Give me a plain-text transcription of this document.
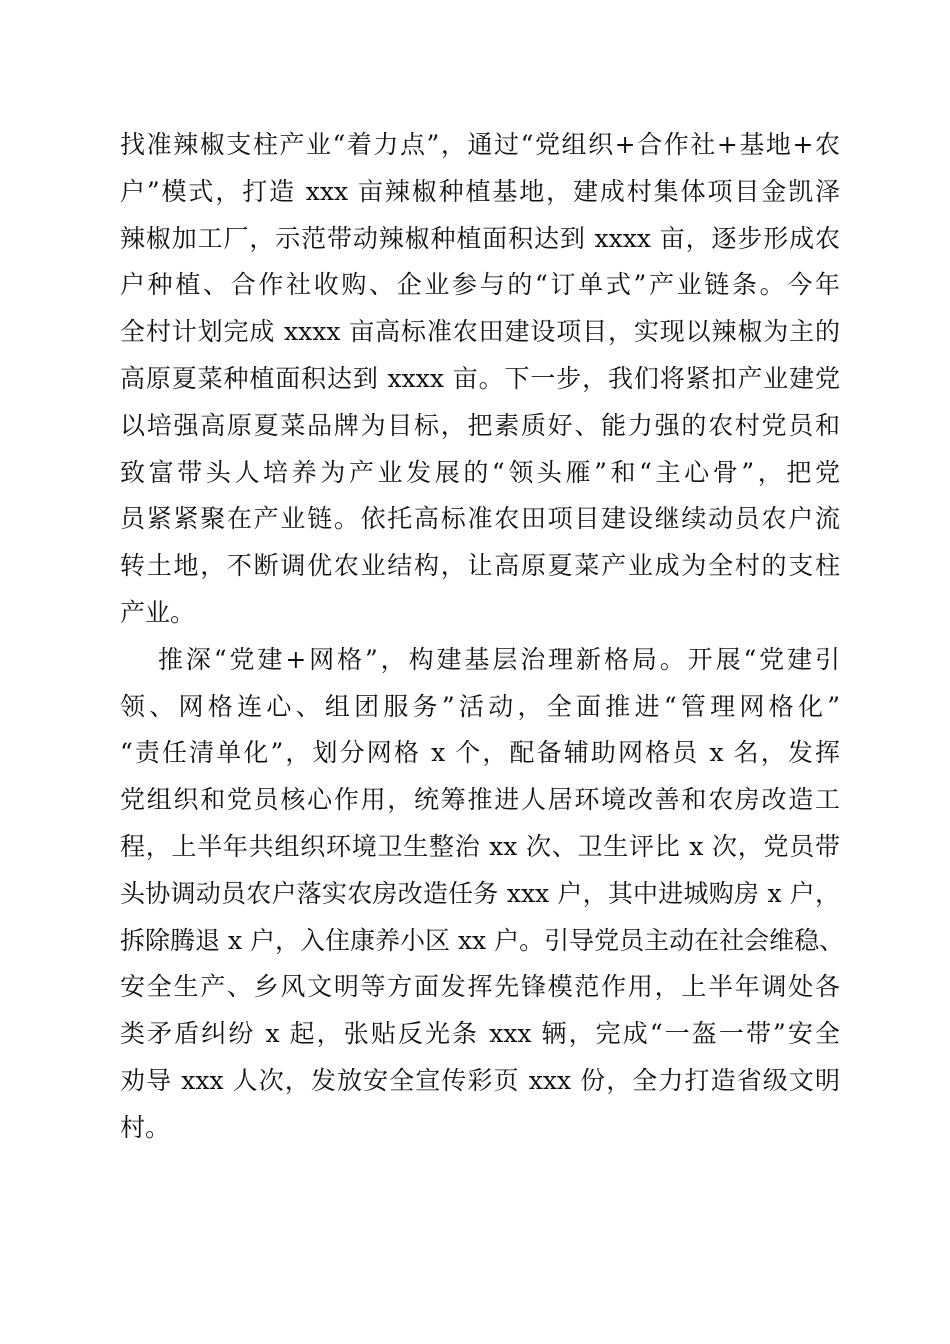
找准辣椒支柱产业“着力点”，通过“党组织+合作社+基地+农
户”模式，打造 xxx 亩辣椒种植基地，建成村集体项目金凯泽
辣椒加工厂，示范带动辣椒种植面积达到 xxxx 亩，逐步形成农
户种植、合作社收购、企业参与的“订单式”产业链条。今年
全村计划完成 xxxx 亩高标准农田建设项目，实现以辣椒为主的
高原夏菜种植面积达到 xxxx 亩。下一步，我们将紧扣产业建党
以培强高原夏菜品牌为目标，把素质好、能力强的农村党员和
致富带头人培养为产业发展的“领头雁”和“主心骨”，把党
员紧紧聚在产业链。依托高标准农田项目建设继续动员农户流
转土地，不断调优农业结构，让高原夏菜产业成为全村的支柱
产业。
推深“党建+网格”，构建基层治理新格局。开展“党建引
领、网格连心、组团服务”活动，全面推进“管理网格化”
“责任清单化”，划分网格 x 个，配备辅助网格员 x 名，发挥
党组织和党员核心作用，统筹推进人居环境改善和农房改造工
程，上半年共组织环境卫生整治 xx 次、卫生评比 x 次，党员带
头协调动员农户落实农房改造任务 xxx 户，其中进城购房 x 户，
拆除腾退 x 户，入住康养小区 xx 户。引导党员主动在社会维稳、
安全生产、乡风文明等方面发挥先锋模范作用，上半年调处各
类矛盾纠纷 x 起，张贴反光条 xxx 辆，完成“一盔一带”安全
劝导 xxx 人次，发放安全宣传彩页 xxx 份，全力打造省级文明
村。
